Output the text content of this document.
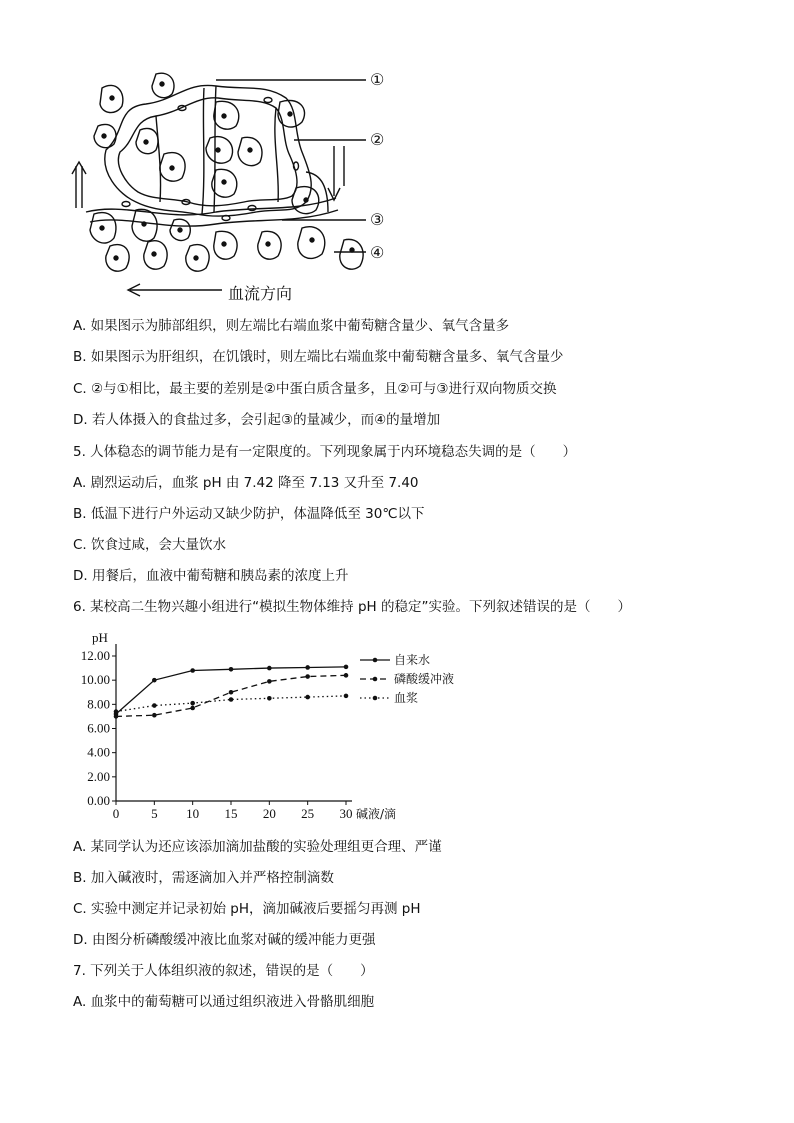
①
②
③
④
血流方向
A. 如果图示为肺部组织，则左端比右端血浆中葡萄糖含量少、氧气含量多
B. 如果图示为肝组织，在饥饿时，则左端比右端血浆中葡萄糖含量多、氧气含量少
C. ②与①相比，最主要的差别是②中蛋白质含量多，且②可与③进行双向物质交换
D. 若人体摄入的食盐过多，会引起③的量减少，而④的量增加
5. 人体稳态的调节能力是有一定限度的。下列现象属于内环境稳态失调的是（　　）
A. 剧烈运动后，血浆 pH 由 7.42 降至 7.13 又升至 7.40
B. 低温下进行户外运动又缺少防护，体温降低至 30℃以下
C. 饮食过咸，会大量饮水
D. 用餐后，血液中葡萄糖和胰岛素的浓度上升
6. 某校高二生物兴趣小组进行“模拟生物体维持 pH 的稳定”实验。下列叙述错误的是（　　）
pH
碱液/滴
0.00
2.00
4.00
6.00
8.00
10.00
12.00
0 5 10 15 20 25 30
自来水
磷酸缓冲液
血浆
A. 某同学认为还应该添加滴加盐酸的实验处理组更合理、严谨
B. 加入碱液时，需逐滴加入并严格控制滴数
C. 实验中测定并记录初始 pH，滴加碱液后要摇匀再测 pH
D. 由图分析磷酸缓冲液比血浆对碱的缓冲能力更强
7. 下列关于人体组织液的叙述，错误的是（　　）
A. 血浆中的葡萄糖可以通过组织液进入骨骼肌细胞
